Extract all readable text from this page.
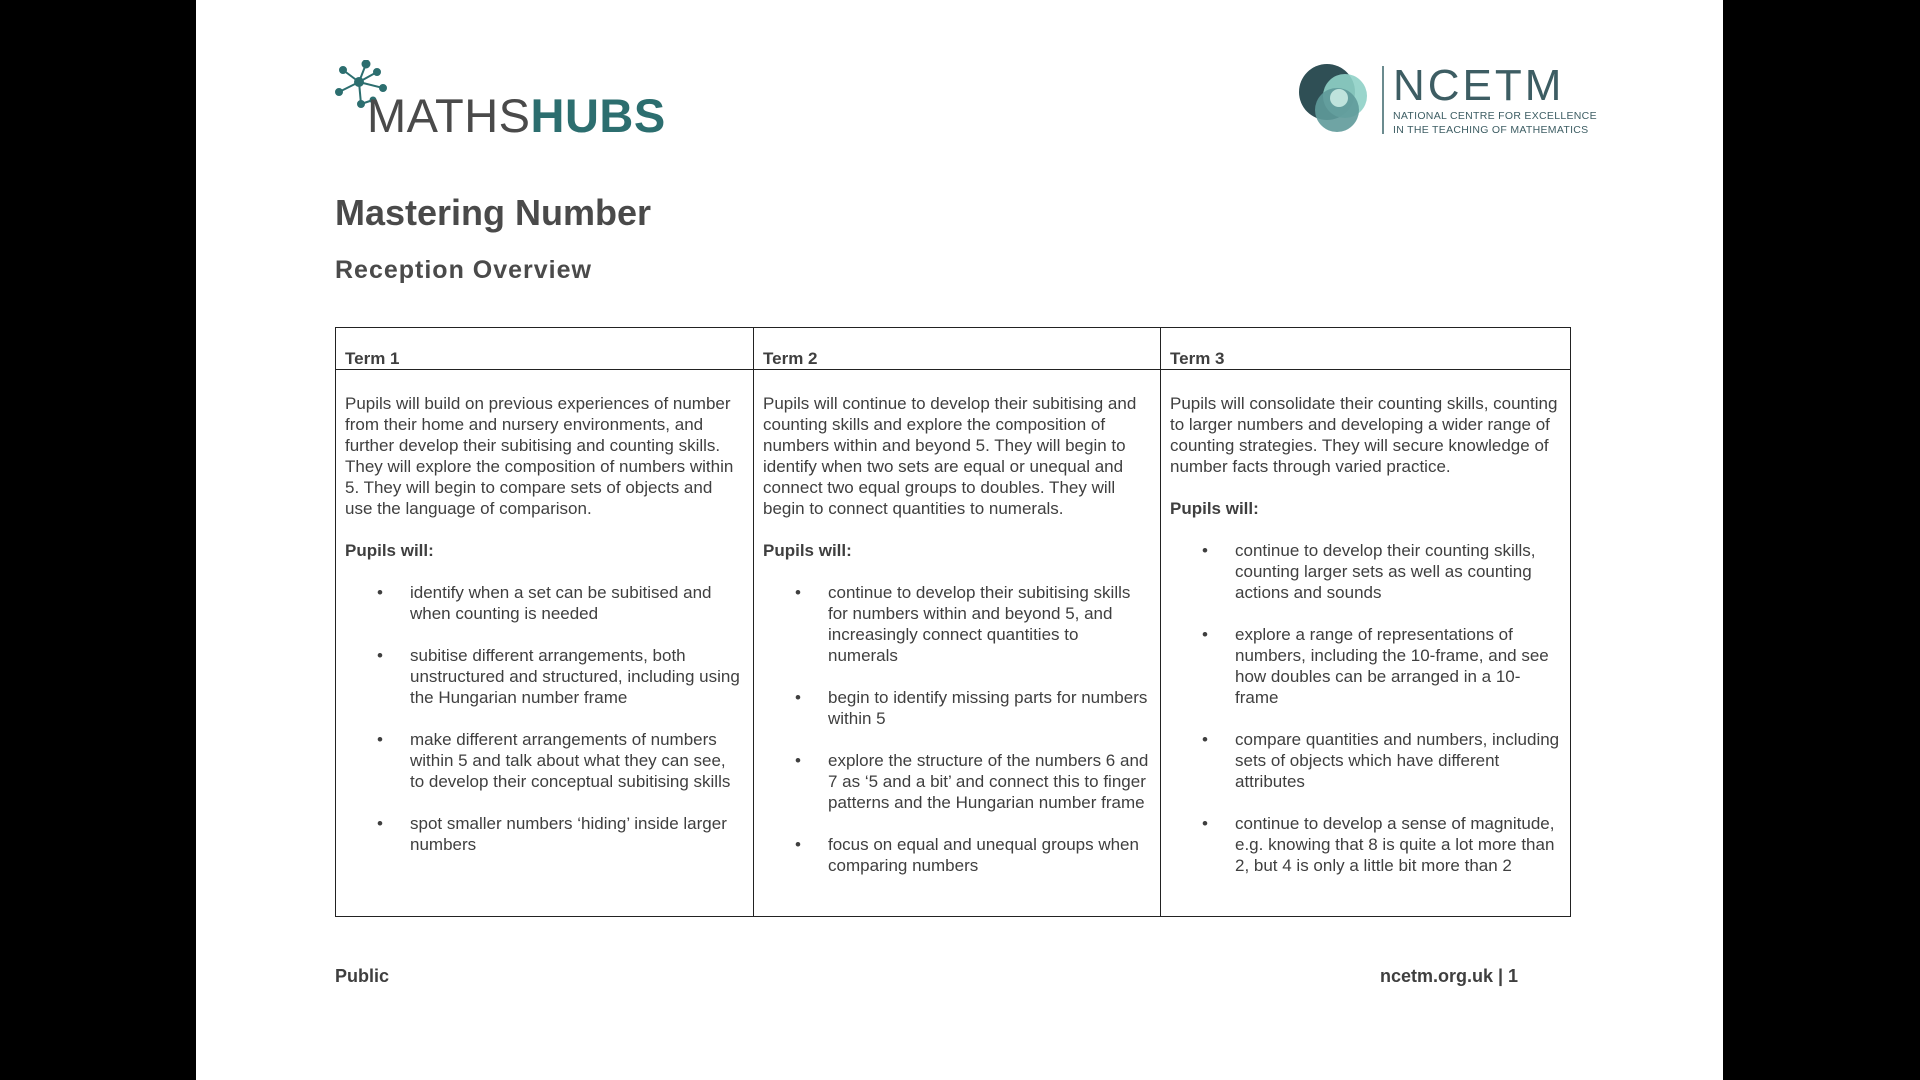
MATHSHUBS
NCETM
NATIONAL CENTRE FOR EXCELLENCE
IN THE TEACHING OF MATHEMATICS
Mastering Number
Reception Overview
Term 1

Pupils will build on previous experiences of number from their home and nursery environments, and further develop their subitising and counting skills. They will explore the composition of numbers within 5. They will begin to compare sets of objects and use the language of comparison.

Pupils will:

• identify when a set can be subitised and when counting is needed
• subitise different arrangements, both unstructured and structured, including using the Hungarian number frame
• make different arrangements of numbers within 5 and talk about what they can see, to develop their conceptual subitising skills
• spot smaller numbers ‘hiding’ inside larger numbers
Term 2

Pupils will continue to develop their subitising and counting skills and explore the composition of numbers within and beyond 5. They will begin to identify when two sets are equal or unequal and connect two equal groups to doubles. They will begin to connect quantities to numerals.

Pupils will:

• continue to develop their subitising skills for numbers within and beyond 5, and increasingly connect quantities to numerals
• begin to identify missing parts for numbers within 5
• explore the structure of the numbers 6 and 7 as ‘5 and a bit’ and connect this to finger patterns and the Hungarian number frame
• focus on equal and unequal groups when comparing numbers
Term 3

Pupils will consolidate their counting skills, counting to larger numbers and developing a wider range of counting strategies. They will secure knowledge of number facts through varied practice.

Pupils will:

• continue to develop their counting skills, counting larger sets as well as counting actions and sounds
• explore a range of representations of numbers, including the 10-frame, and see how doubles can be arranged in a 10-frame
• compare quantities and numbers, including sets of objects which have different attributes
• continue to develop a sense of magnitude, e.g. knowing that 8 is quite a lot more than 2, but 4 is only a little bit more than 2
Public	ncetm.org.uk | 1
